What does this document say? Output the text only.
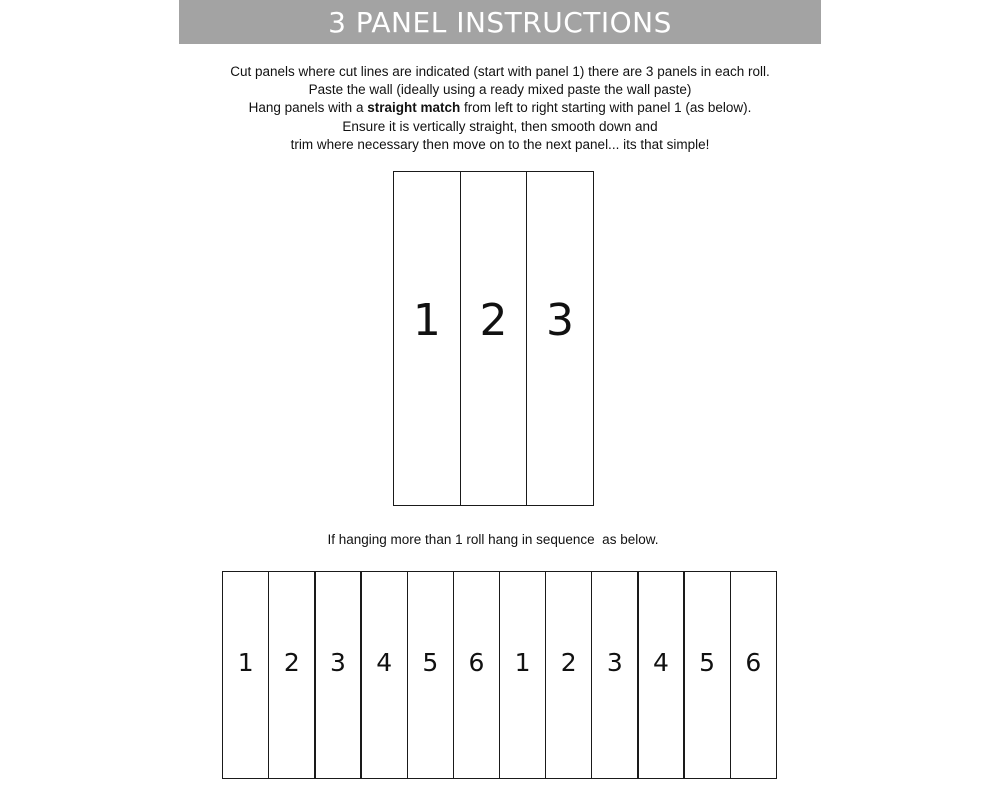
3 PANEL INSTRUCTIONS

Cut panels where cut lines are indicated (start with panel 1) there are 3 panels in each roll.

Paste the wall (ideally using a ready mixed paste the wall paste)

Hang panels with a straight match from left to right starting with panel 1 (as below).

Ensure it is vertically straight, then smooth down and

trim where necessary then move on to the next panel... its that simple!

1 2 3
If hanging more than 1 roll hang in sequence  as below.
1 2 3 4 5 6 1 2 3 4 5 6
